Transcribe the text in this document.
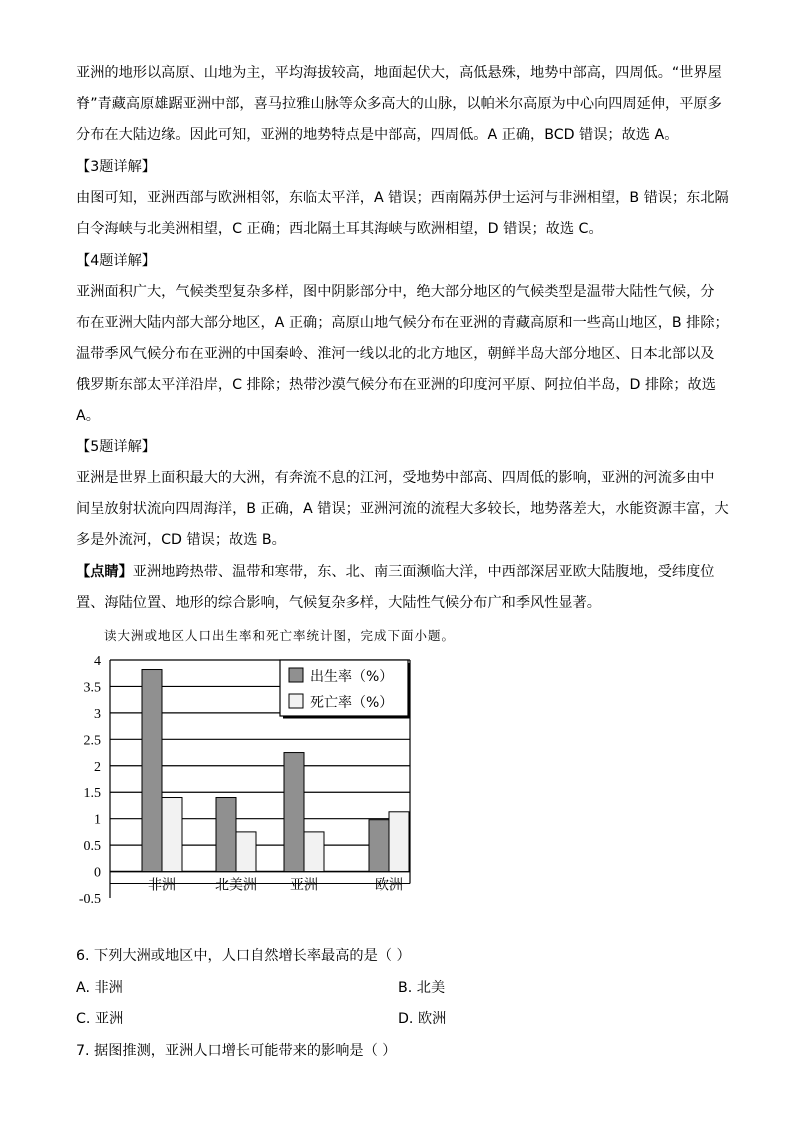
亚洲的地形以高原、山地为主，平均海拔较高，地面起伏大，高低悬殊，地势中部高，四周低。“世界屋
脊”青藏高原雄踞亚洲中部，喜马拉雅山脉等众多高大的山脉，以帕米尔高原为中心向四周延伸，平原多
分布在大陆边缘。因此可知，亚洲的地势特点是中部高，四周低。A 正确，BCD 错误；故选 A。
【3题详解】
由图可知，亚洲西部与欧洲相邻，东临太平洋，A 错误；西南隔苏伊士运河与非洲相望，B 错误；东北隔
白令海峡与北美洲相望，C 正确；西北隔土耳其海峡与欧洲相望，D 错误；故选 C。
【4题详解】
亚洲面积广大，气候类型复杂多样，图中阴影部分中，绝大部分地区的气候类型是温带大陆性气候，分
布在亚洲大陆内部大部分地区，A 正确；高原山地气候分布在亚洲的青藏高原和一些高山地区，B 排除；
温带季风气候分布在亚洲的中国秦岭、淮河一线以北的北方地区，朝鲜半岛大部分地区、日本北部以及
俄罗斯东部太平洋沿岸，C 排除；热带沙漠气候分布在亚洲的印度河平原、阿拉伯半岛，D 排除；故选
A。
【5题详解】
亚洲是世界上面积最大的大洲，有奔流不息的江河，受地势中部高、四周低的影响，亚洲的河流多由中
间呈放射状流向四周海洋，B 正确，A 错误；亚洲河流的流程大多较长，地势落差大，水能资源丰富，大
多是外流河，CD 错误；故选 B。
【点睛】亚洲地跨热带、温带和寒带，东、北、南三面濒临大洋，中西部深居亚欧大陆腹地，受纬度位
置、海陆位置、地形的综合影响，气候复杂多样，大陆性气候分布广和季风性显著。
读大洲或地区人口出生率和死亡率统计图，完成下面小题。
4
3.5
3
2.5
2
1.5
1
0.5
0
-0.5
非洲	北美洲 亚洲	欧洲
出生率（%）
死亡率（%）
6. 下列大洲或地区中，人口自然增长率最高的是（ ）
A. 非洲	B. 北美
C. 亚洲	D. 欧洲
7. 据图推测，亚洲人口增长可能带来的影响是（ ）
